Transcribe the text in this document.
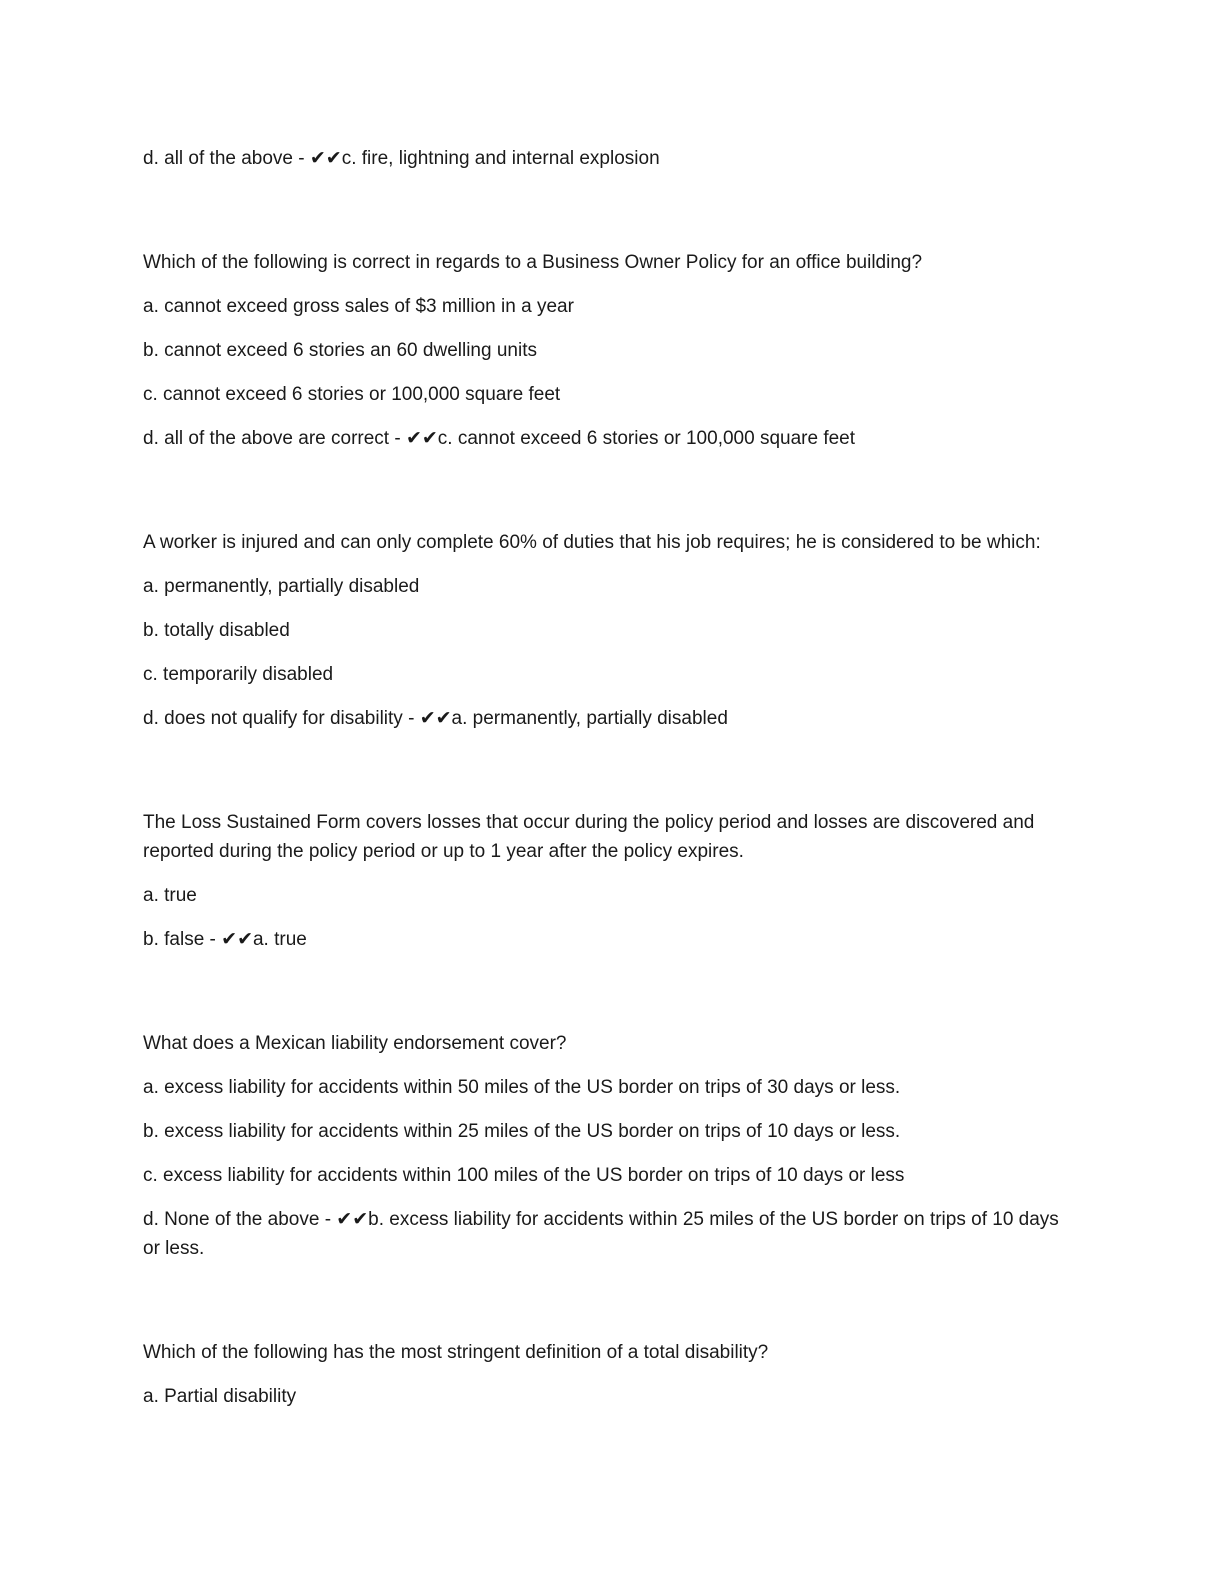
d. all of the above - ✔✔c. fire, lightning and internal explosion

Which of the following is correct in regards to a Business Owner Policy for an office building?

a. cannot exceed gross sales of $3 million in a year

b. cannot exceed 6 stories an 60 dwelling units

c. cannot exceed 6 stories or 100,000 square feet

d. all of the above are correct - ✔✔c. cannot exceed 6 stories or 100,000 square feet

A worker is injured and can only complete 60% of duties that his job requires; he is considered to be which:

a. permanently, partially disabled

b. totally disabled

c. temporarily disabled

d. does not qualify for disability - ✔✔a. permanently, partially disabled

The Loss Sustained Form covers losses that occur during the policy period and losses are discovered and reported during the policy period or up to 1 year after the policy expires.

a. true

b. false - ✔✔a. true

What does a Mexican liability endorsement cover?

a. excess liability for accidents within 50 miles of the US border on trips of 30 days or less.

b. excess liability for accidents within 25 miles of the US border on trips of 10 days or less.

c. excess liability for accidents within 100 miles of the US border on trips of 10 days or less

d. None of the above - ✔✔b. excess liability for accidents within 25 miles of the US border on trips of 10 days or less.

Which of the following has the most stringent definition of a total disability?

a. Partial disability
